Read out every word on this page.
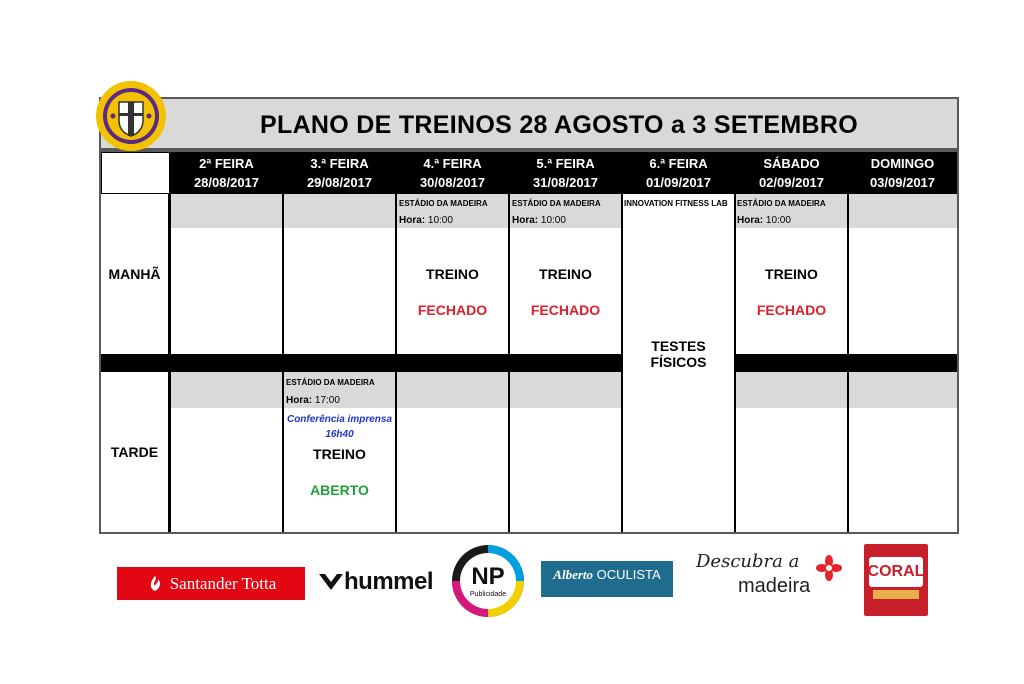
PLANO DE TREINOS 28 AGOSTO a 3 SETEMBRO
2ª FEIRA
28/08/2017
3.ª FEIRA
29/08/2017
4.ª FEIRA
30/08/2017
5.ª FEIRA
31/08/2017
6.ª FEIRA
01/09/2017
SÁBADO
02/09/2017
DOMINGO
03/09/2017
MANHÃ
TARDE
ESTÁDIO DA MADEIRA
Hora: 10:00
TREINO
FECHADO
ESTÁDIO DA MADEIRA
Hora: 10:00
TREINO
FECHADO
INNOVATION FITNESS LAB
TESTES FÍSICOS
ESTÁDIO DA MADEIRA
Hora: 10:00
TREINO
FECHADO
ESTÁDIO DA MADEIRA
Hora: 17:00
Conferência imprensa
16h40
TREINO
ABERTO
Santander Totta	hummel NP
Publicidade
Alberto OCULISTA
Descubra a
madeira
CORAL
